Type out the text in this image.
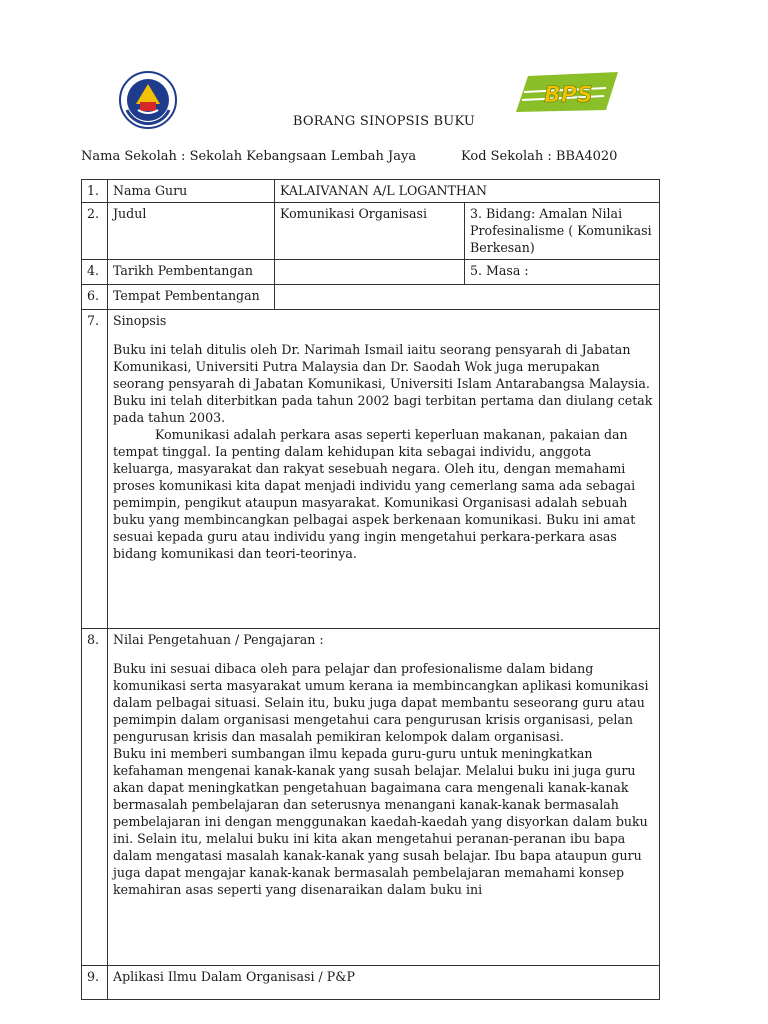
BPS
BORANG SINOPSIS BUKU
Nama Sekolah : Sekolah Kebangsaan Lembah Jaya	Kod Sekolah : BBA4020
1.	Nama Guru	KALAIVANAN A/L LOGANTHAN	
2.	Judul	Komunikasi Organisasi	3. Bidang: Amalan Nilai Profesinalisme ( Komunikasi Berkesan)
4.	Tarikh Pembentangan		5. Masa :
6.	Tempat Pembentangan		
7.	Sinopsis

Buku ini telah ditulis oleh Dr. Narimah Ismail iaitu seorang pensyarah di Jabatan Komunikasi, Universiti Putra Malaysia dan Dr. Saodah Wok juga merupakan seorang pensyarah di Jabatan Komunikasi, Universiti Islam Antarabangsa Malaysia. Buku ini telah diterbitkan pada tahun 2002 bagi terbitan pertama dan diulang cetak pada tahun 2003.

Komunikasi adalah perkara asas seperti keperluan makanan, pakaian dan tempat tinggal. Ia penting dalam kehidupan kita sebagai individu, anggota keluarga, masyarakat dan rakyat sesebuah negara. Oleh itu, dengan memahami proses komunikasi kita dapat menjadi individu yang cemerlang sama ada sebagai pemimpin, pengikut ataupun masyarakat. Komunikasi Organisasi adalah sebuah buku yang membincangkan pelbagai aspek berkenaan komunikasi. Buku ini amat sesuai kepada guru atau individu yang ingin mengetahui perkara-perkara asas bidang komunikasi dan teori-teorinya.		

8.	Nilai Pengetahuan / Pengajaran :

Buku ini sesuai dibaca oleh para pelajar dan profesionalisme dalam bidang komunikasi serta masyarakat umum kerana ia membincangkan aplikasi komunikasi dalam pelbagai situasi. Selain itu, buku juga dapat membantu seseorang guru atau pemimpin dalam organisasi mengetahui cara pengurusan krisis organisasi, pelan pengurusan krisis dan masalah pemikiran kelompok dalam organisasi.

Buku ini memberi sumbangan ilmu kepada guru-guru untuk meningkatkan kefahaman mengenai kanak-kanak yang susah belajar. Melalui buku ini juga guru akan dapat meningkatkan pengetahuan bagaimana cara mengenali kanak-kanak bermasalah pembelajaran dan seterusnya menangani kanak-kanak bermasalah pembelajaran ini dengan menggunakan kaedah-kaedah yang disyorkan dalam buku ini. Selain itu, melalui buku ini kita akan mengetahui peranan-peranan ibu bapa dalam mengatasi masalah kanak-kanak yang susah belajar. Ibu bapa ataupun guru juga dapat mengajar kanak-kanak bermasalah pembelajaran memahami konsep kemahiran asas seperti yang disenaraikan dalam buku ini		

9.	Aplikasi Ilmu Dalam Organisasi / P&P		
